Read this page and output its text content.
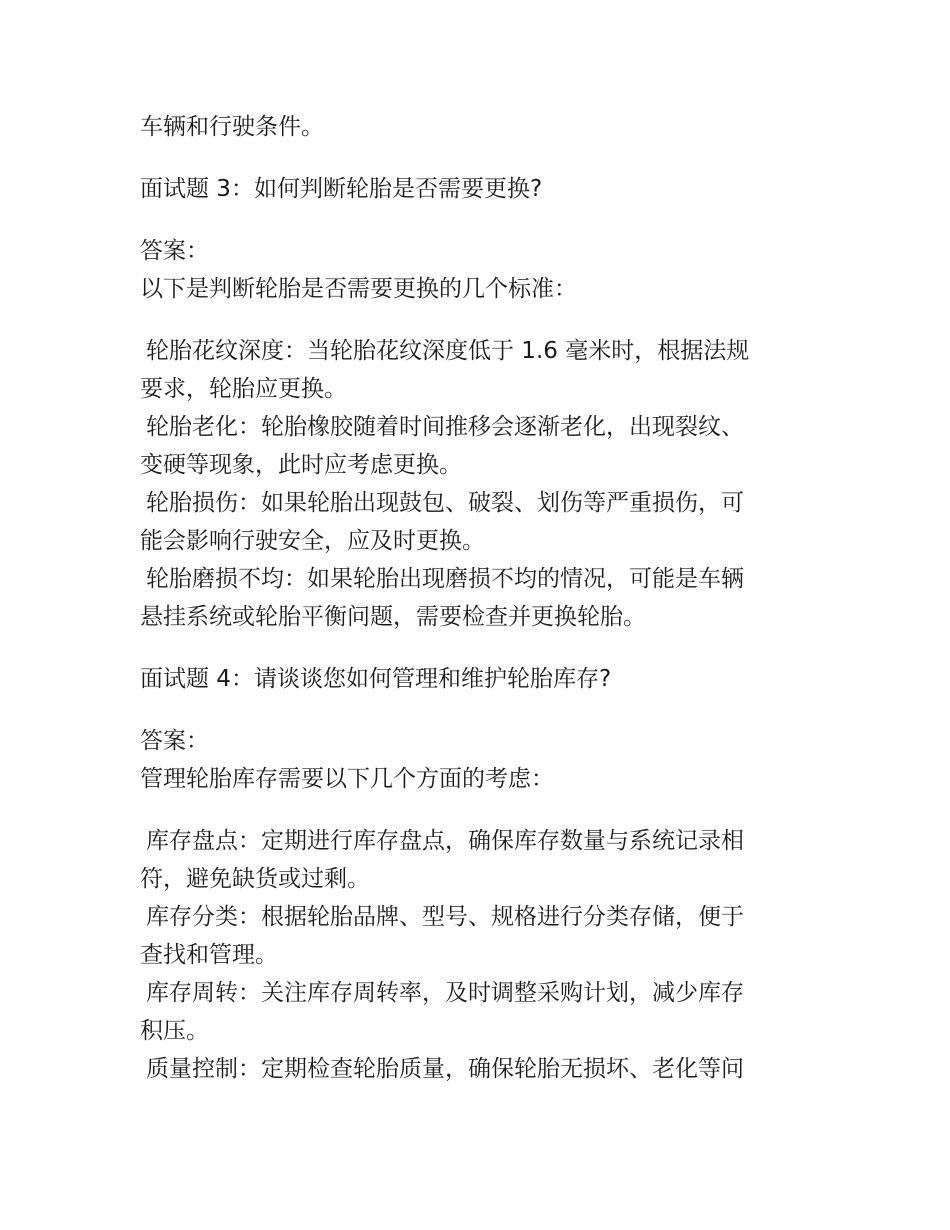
车辆和行驶条件。
面试题 3：如何判断轮胎是否需要更换?
答案：
以下是判断轮胎是否需要更换的几个标准：
轮胎花纹深度：当轮胎花纹深度低于 1.6 毫米时，根据法规
要求，轮胎应更换。
轮胎老化：轮胎橡胶随着时间推移会逐渐老化，出现裂纹、
变硬等现象，此时应考虑更换。
轮胎损伤：如果轮胎出现鼓包、破裂、划伤等严重损伤，可
能会影响行驶安全，应及时更换。
轮胎磨损不均：如果轮胎出现磨损不均的情况，可能是车辆
悬挂系统或轮胎平衡问题，需要检查并更换轮胎。
面试题 4：请谈谈您如何管理和维护轮胎库存?
答案：
管理轮胎库存需要以下几个方面的考虑：
库存盘点：定期进行库存盘点，确保库存数量与系统记录相
符，避免缺货或过剩。
库存分类：根据轮胎品牌、型号、规格进行分类存储，便于
查找和管理。
库存周转：关注库存周转率，及时调整采购计划，减少库存
积压。
质量控制：定期检查轮胎质量，确保轮胎无损坏、老化等问
